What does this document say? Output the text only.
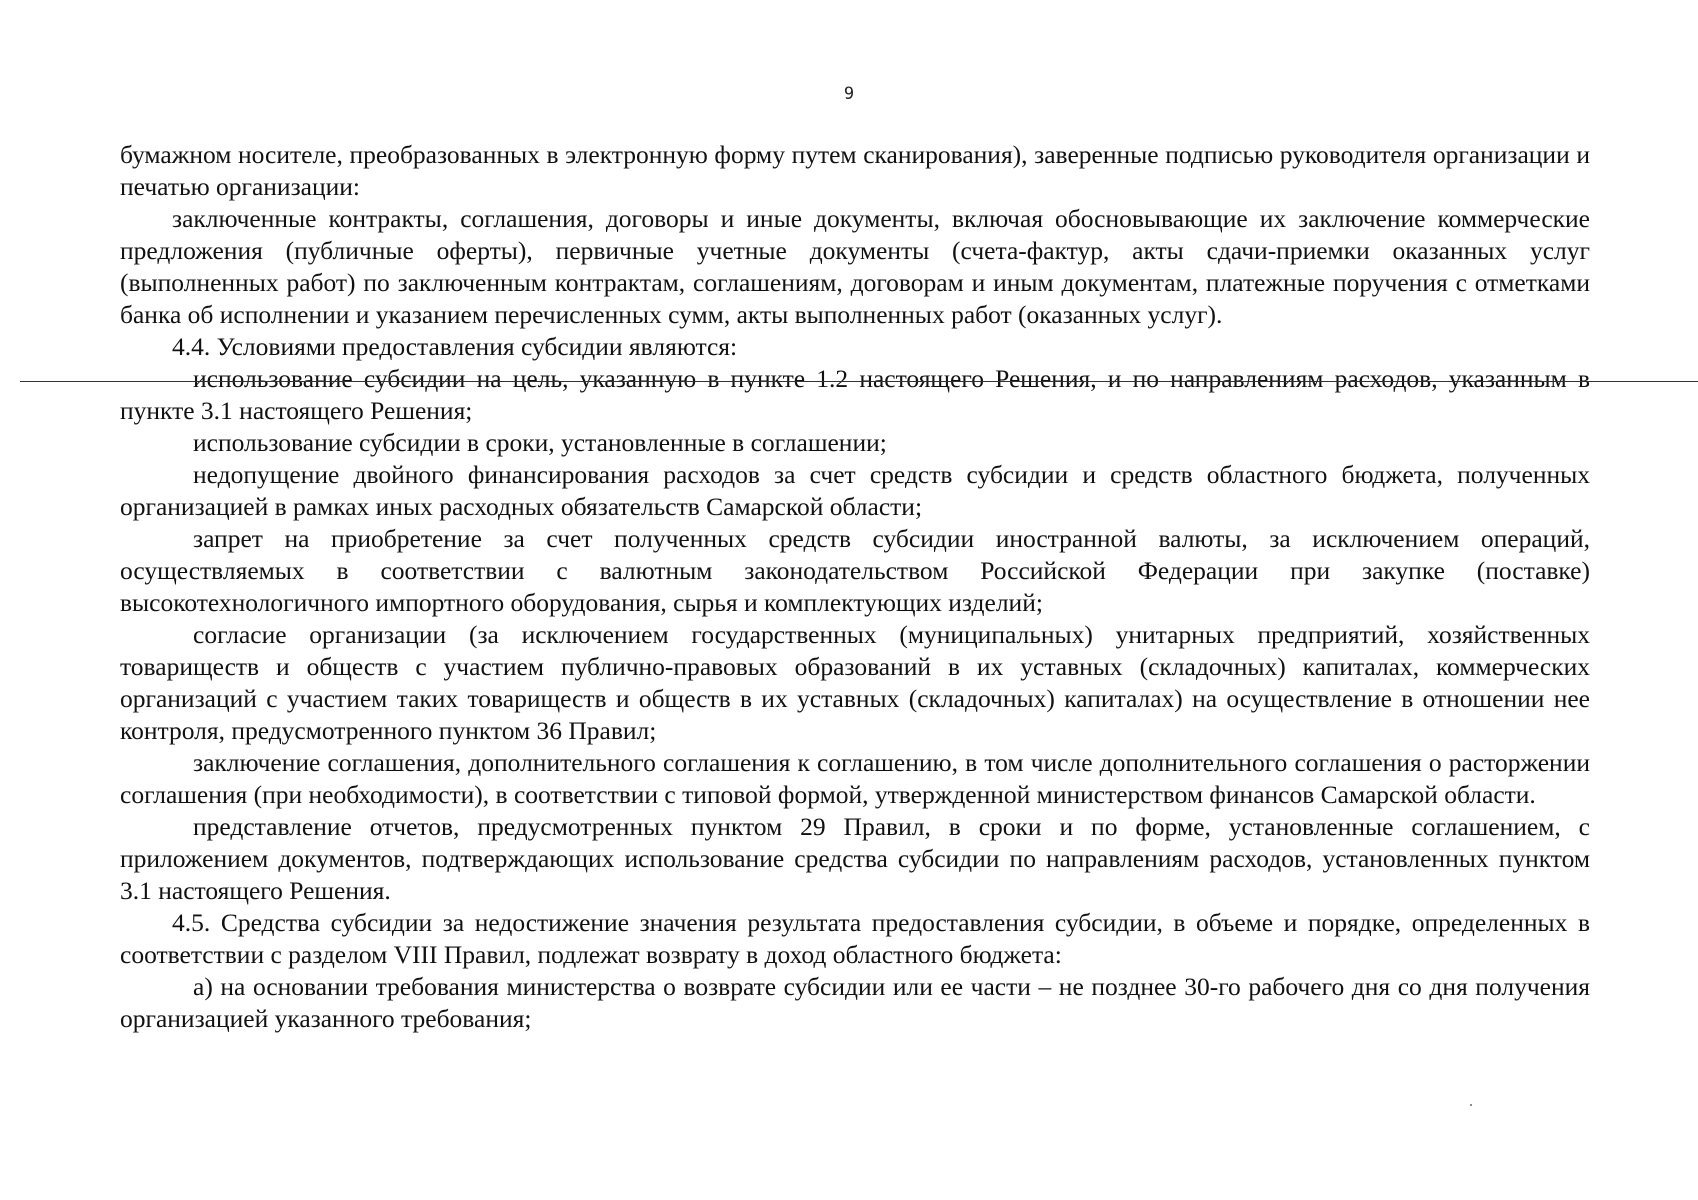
9

бумажном носителе, преобразованных в электронную форму путем сканирования), заверенные подписью руководителя организации и печатью организации:

заключенные контракты, соглашения, договоры и иные документы, включая обосновывающие их заключение коммерческие предложения (публичные оферты), первичные учетные документы (счета-фактур, акты сдачи-приемки оказанных услуг (выполненных работ) по заключенным контрактам, соглашениям, договорам и иным документам, платежные поручения с отметками банка об исполнении и указанием перечисленных сумм, акты выполненных работ (оказанных услуг).

4.4. Условиями предоставления субсидии являются:

использование субсидии на цель, указанную в пункте 1.2 настоящего Решения, и по направлениям расходов, указанным в пункте 3.1 настоящего Решения;

использование субсидии в сроки, установленные в соглашении;

недопущение двойного финансирования расходов за счет средств субсидии и средств областного бюджета, полученных организацией в рамках иных расходных обязательств Самарской области;

запрет на приобретение за счет полученных средств субсидии иностранной валюты, за исключением операций, осуществляемых в соответствии с валютным законодательством Российской Федерации при закупке (поставке) высокотехнологичного импортного оборудования, сырья и комплектующих изделий;

согласие организации (за исключением государственных (муниципальных) унитарных предприятий, хозяйственных товариществ и обществ с участием публично-правовых образований в их уставных (складочных) капиталах, коммерческих организаций с участием таких товариществ и обществ в их уставных (складочных) капиталах) на осуществление в отношении нее контроля, предусмотренного пунктом 36 Правил;

заключение соглашения, дополнительного соглашения к соглашению, в том числе дополнительного соглашения о расторжении соглашения (при необходимости), в соответствии с типовой формой, утвержденной министерством финансов Самарской области.

представление отчетов, предусмотренных пунктом 29 Правил, в сроки и по форме, установленные соглашением, с приложением документов, подтверждающих использование средства субсидии по направлениям расходов, установленных пунктом 3.1 настоящего Решения.

4.5. Средства субсидии за недостижение значения результата предоставления субсидии, в объеме и порядке, определенных в соответствии с разделом VIII Правил, подлежат возврату в доход областного бюджета:

а) на основании требования министерства о возврате субсидии или ее части – не позднее 30-го рабочего дня со дня получения организацией указанного требования;
